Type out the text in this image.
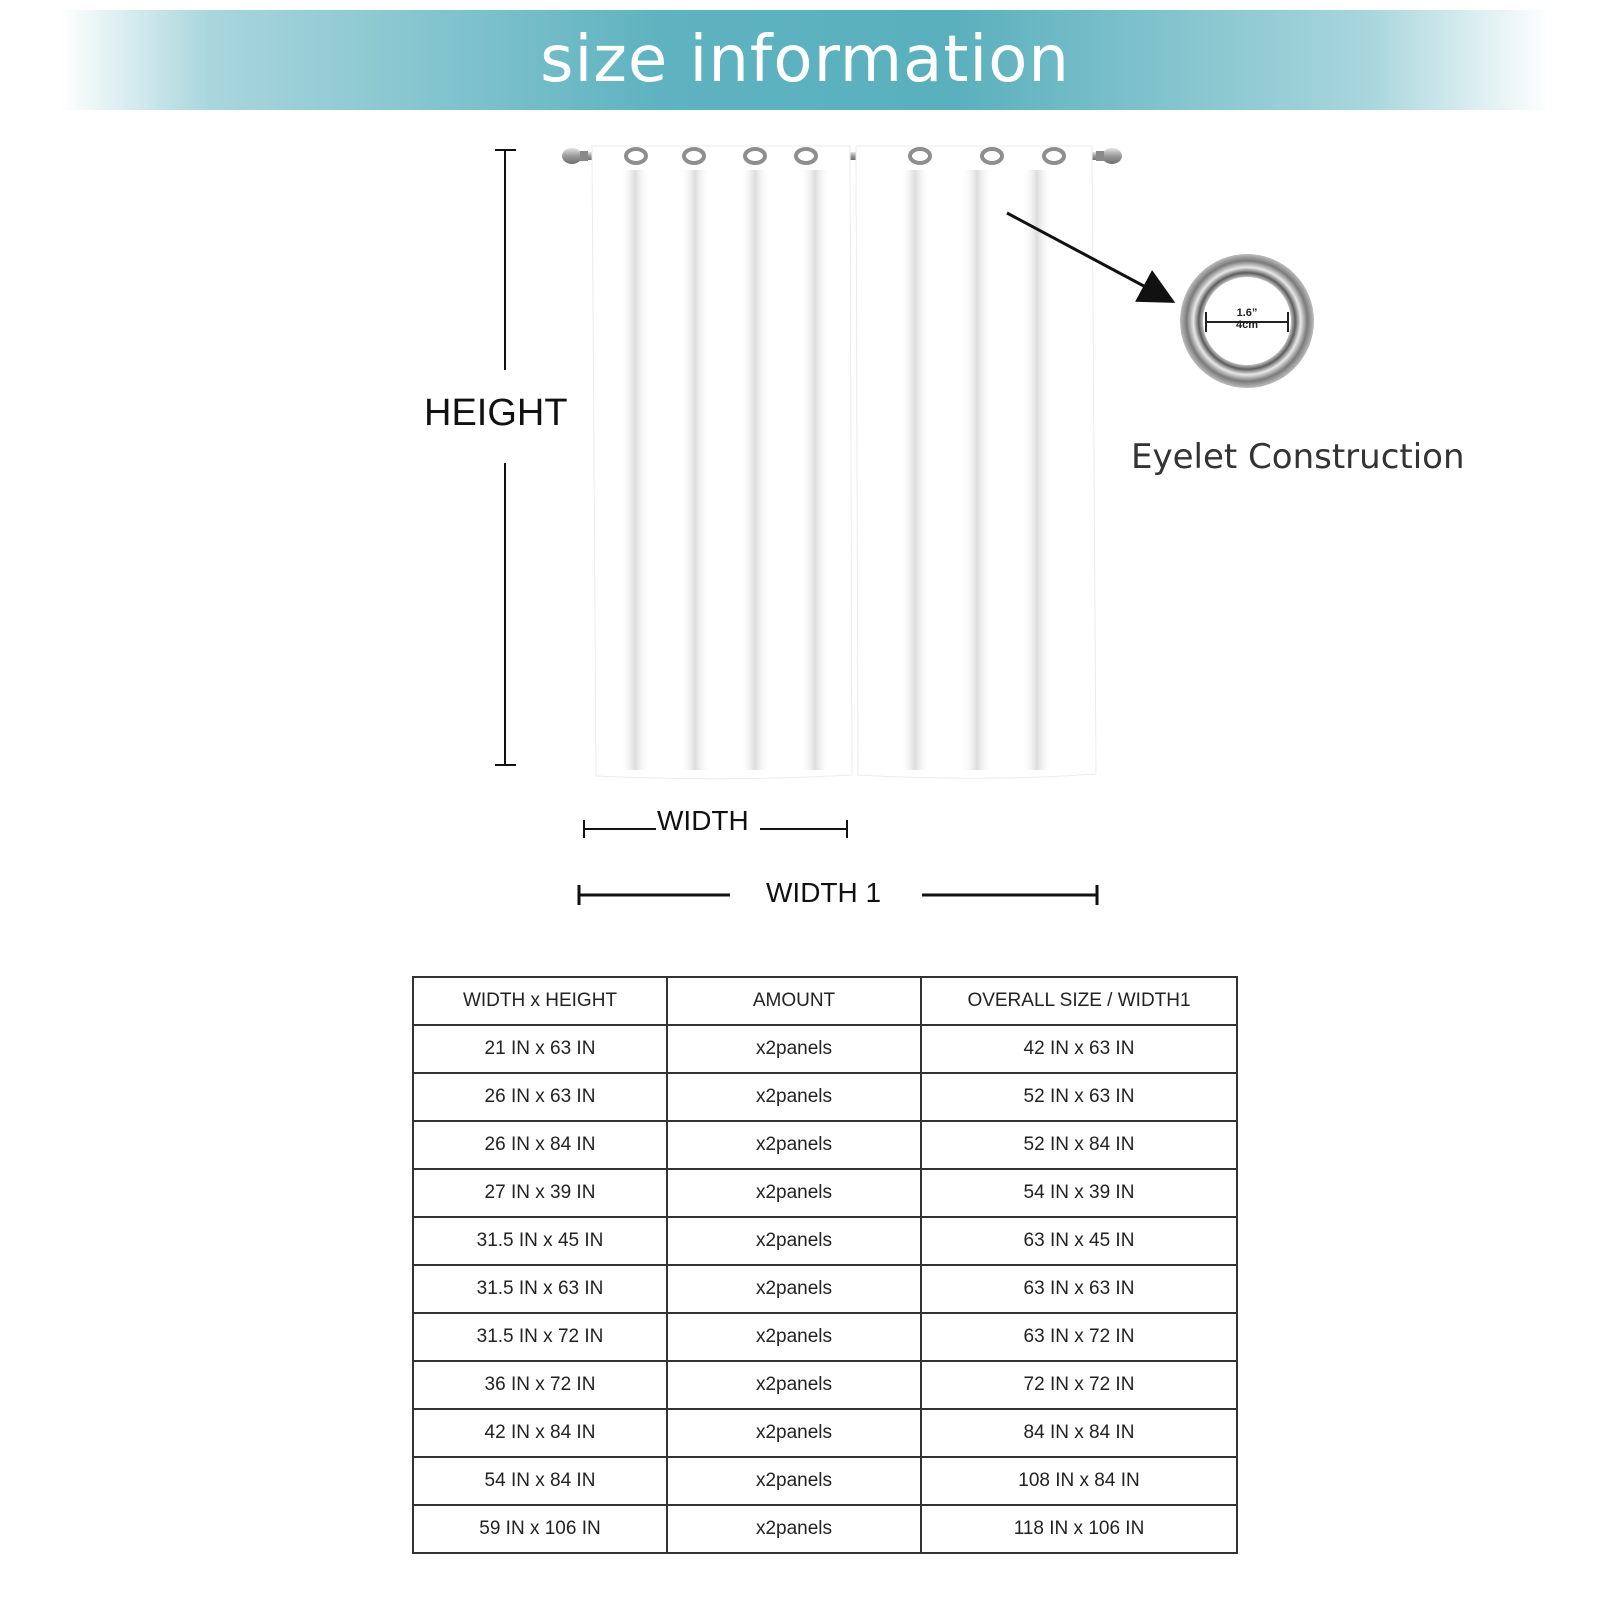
size information
HEIGHT
WIDTH
WIDTH 1
1.6”
4cm
Eyelet Construction
WIDTH x HEIGHT	AMOUNT	OVERALL SIZE / WIDTH1
21 IN x 63 IN	x2panels	42 IN x 63 IN
26 IN x 63 IN	x2panels	52 IN x 63 IN
26 IN x 84 IN	x2panels	52 IN x 84 IN
27 IN x 39 IN	x2panels	54 IN x 39 IN
31.5 IN x 45 IN	x2panels	63 IN x 45 IN
31.5 IN x 63 IN	x2panels	63 IN x 63 IN
31.5 IN x 72 IN	x2panels	63 IN x 72 IN
36 IN x 72 IN	x2panels	72 IN x 72 IN
42 IN x 84 IN	x2panels	84 IN x 84 IN
54 IN x 84 IN	x2panels	108 IN x 84 IN
59 IN x 106 IN	x2panels	118 IN x 106 IN
